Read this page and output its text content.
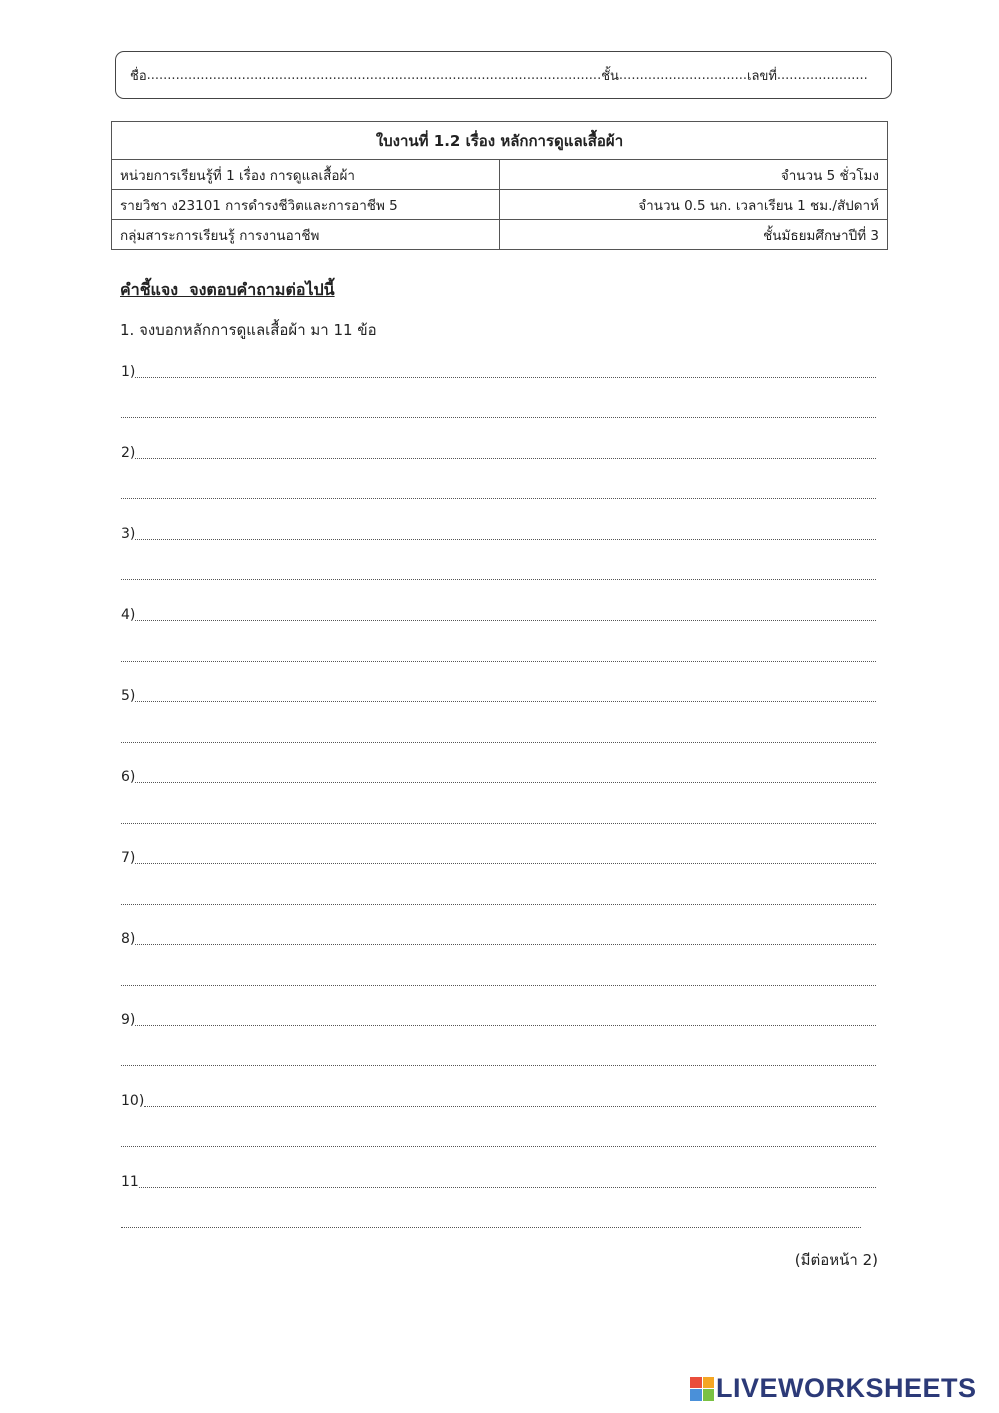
ชื่อ .............................................................................................................. ชั้น ............................... เลขที่ ......................
ใบงานที่ 1.2 เรื่อง หลักการดูแลเสื้อผ้า	
หน่วยการเรียนรู้ที่ 1 เรื่อง การดูแลเสื้อผ้า	จำนวน 5 ชั่วโมง
รายวิชา ง23101 การดำรงชีวิตและการอาชีพ 5	จำนวน 0.5 นก. เวลาเรียน 1 ชม./สัปดาห์
กลุ่มสาระการเรียนรู้ การงานอาชีพ	ชั้นมัธยมศึกษาปีที่ 3
คำชี้แจง  จงตอบคำถามต่อไปนี้
1. จงบอกหลักการดูแลเสื้อผ้า มา 11 ข้อ
1)
2)
3)
4)
5)
6)
7)
8)
9)
10)
11
(มีต่อหน้า 2)
LIVEWORKSHEETS
